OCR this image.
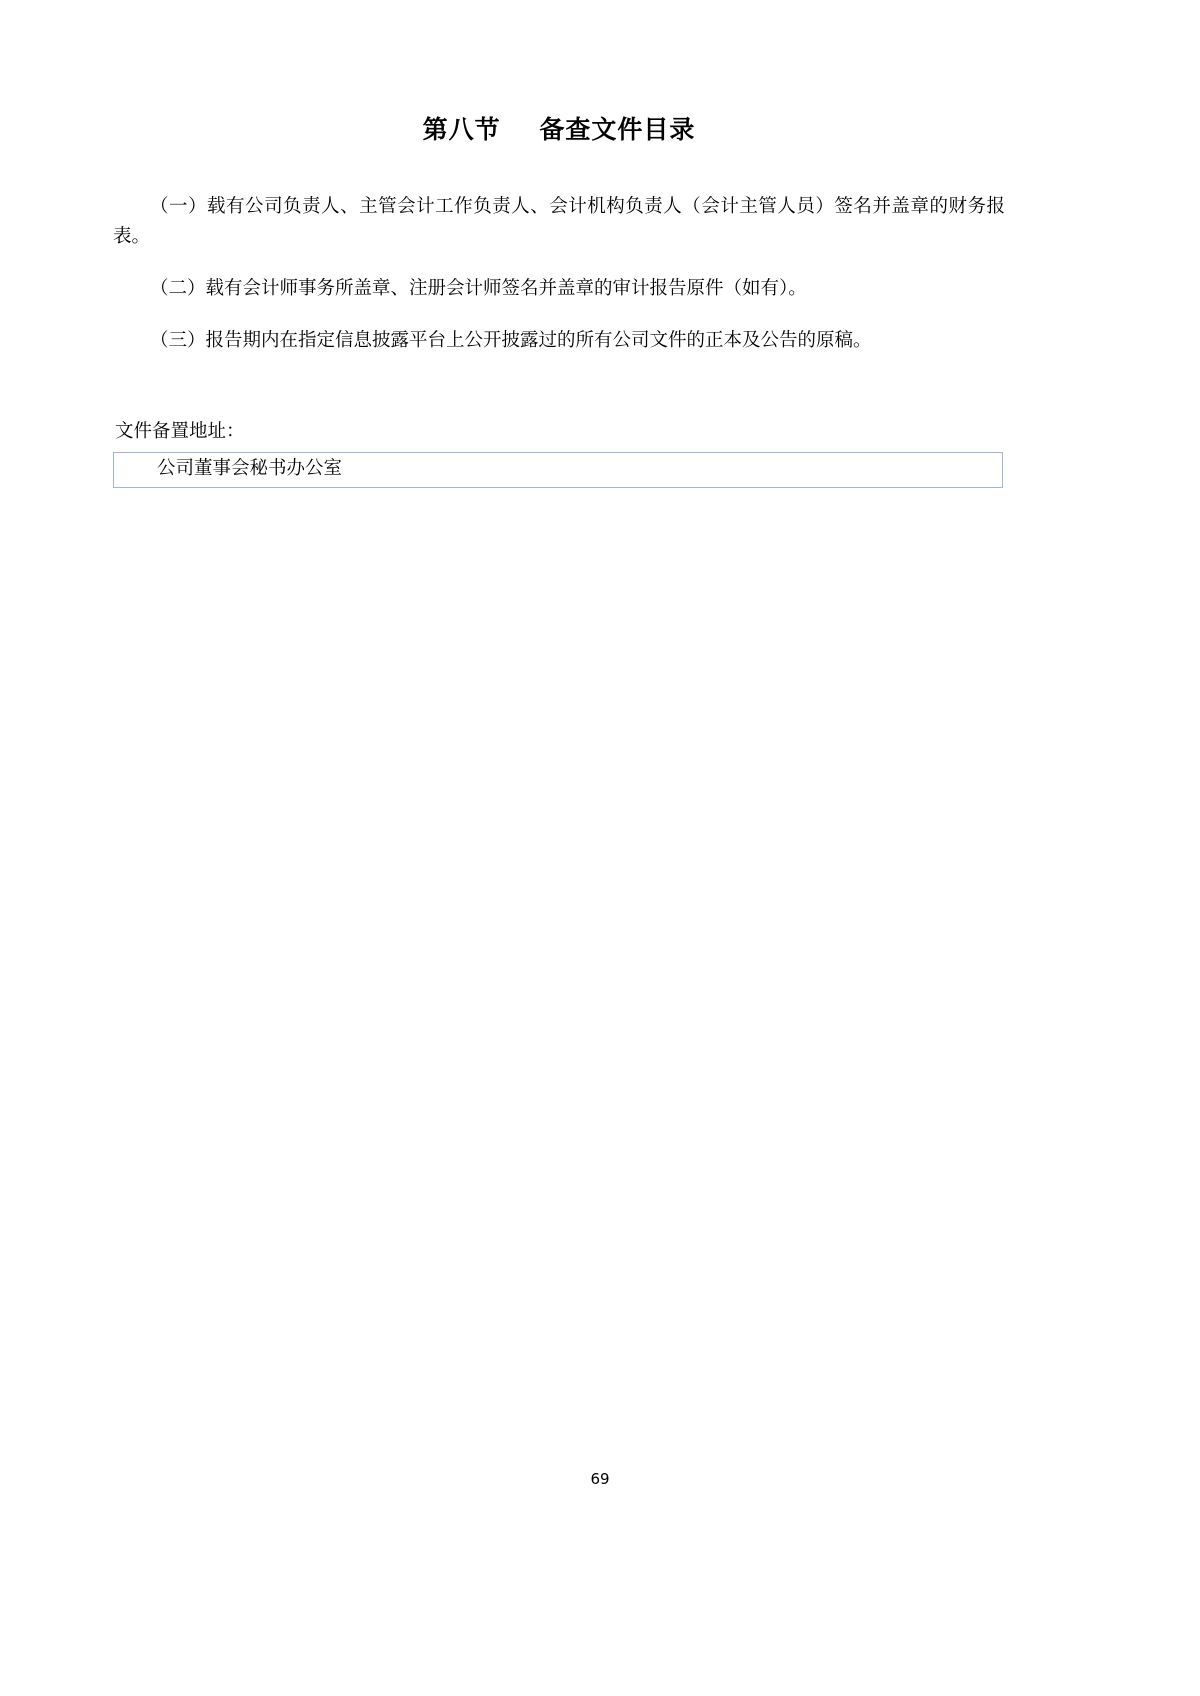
第八节    备查文件目录

（一）载有公司负责人、主管会计工作负责人、会计机构负责人（会计主管人员）签名并盖章的财务报表。

（二）载有会计师事务所盖章、注册会计师签名并盖章的审计报告原件（如有）。

（三）报告期内在指定信息披露平台上公开披露过的所有公司文件的正本及公告的原稿。

文件备置地址：
公司董事会秘书办公室
69
